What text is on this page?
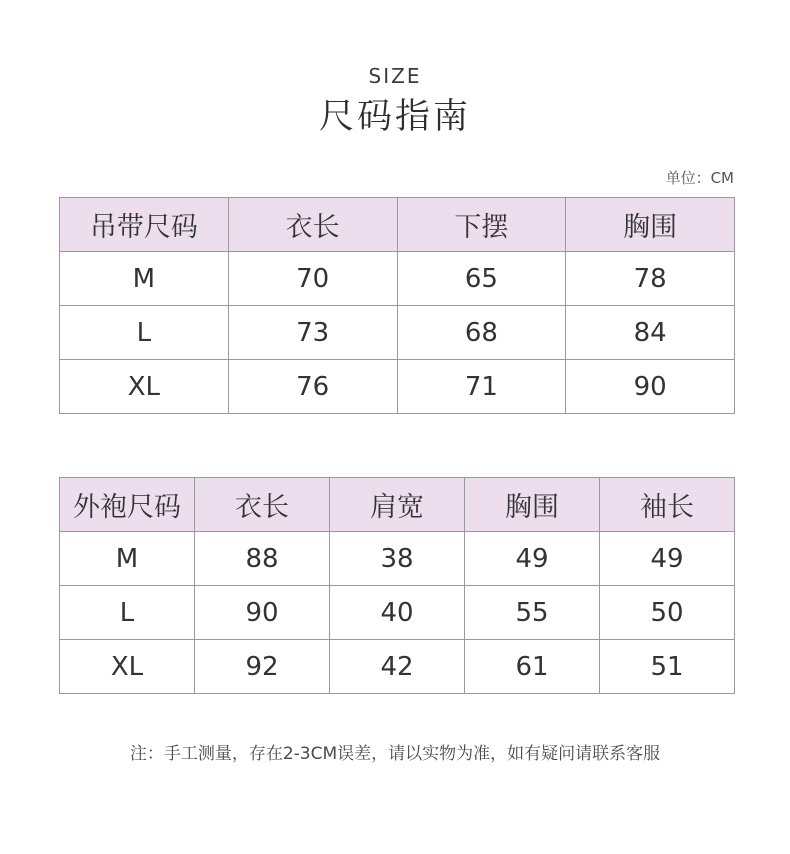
SIZE
尺码指南
单位：CM
吊带尺码	衣长	下摆	胸围
M	70	65	78
L	73	68	84
XL	76	71	90
外袍尺码	衣长	肩宽	胸围	袖长
M	88	38	49	49
L	90	40	55	50
XL	92	42	61	51
注：手工测量，存在2-3CM误差，请以实物为准，如有疑问请联系客服
